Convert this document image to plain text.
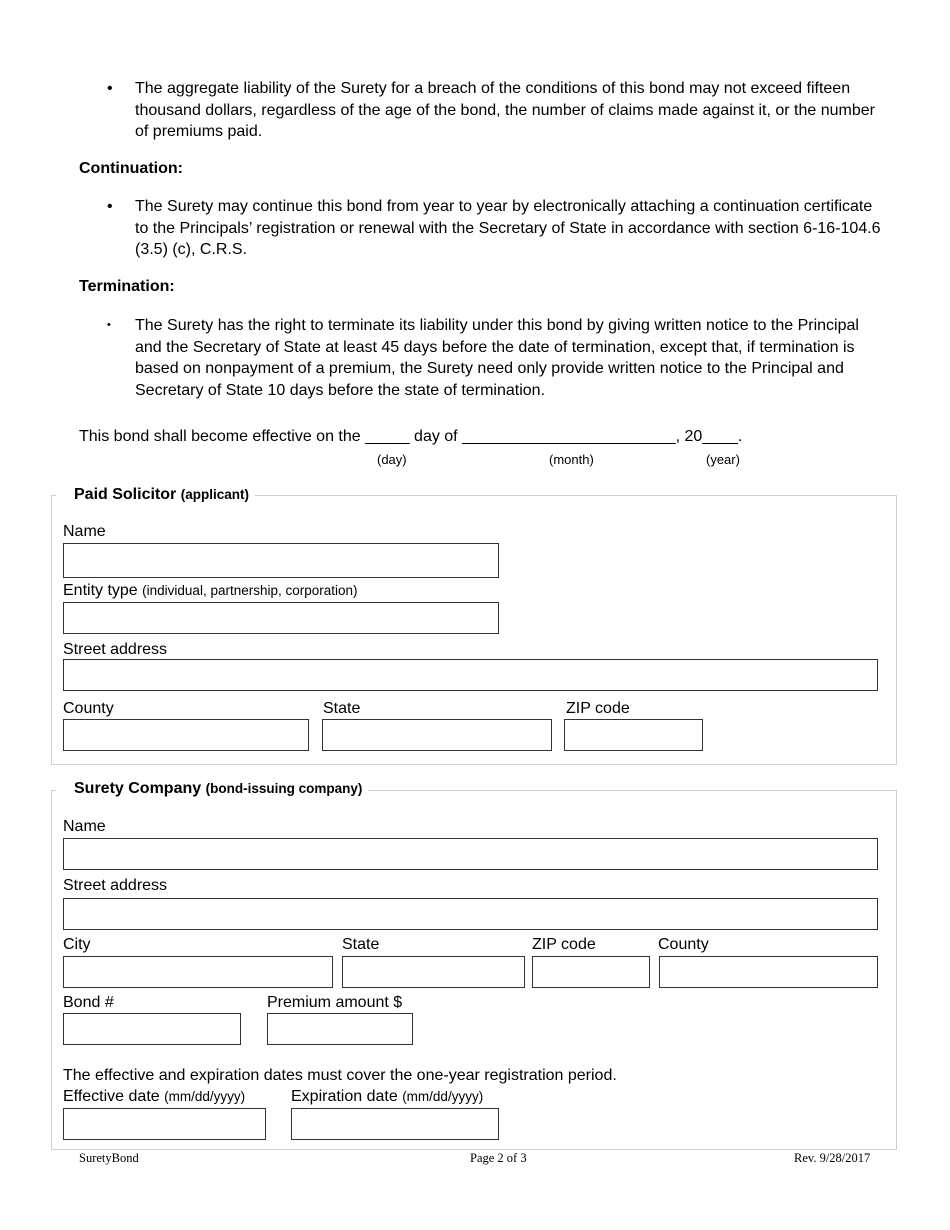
•	The aggregate liability of the Surety for a breach of the conditions of this bond may not exceed fifteen thousand dollars, regardless of the age of the bond, the number of claims made against it, or the number of premiums paid.
Continuation:
•	The Surety may continue this bond from year to year by electronically attaching a continuation certificate to the Principals’ registration or renewal with the Secretary of State in accordance with section 6-16-104.6 (3.5) (c), C.R.S.
Termination:
•	The Surety has the right to terminate its liability under this bond by giving written notice to the Principal and the Secretary of State at least 45 days before the date of termination, except that, if termination is based on nonpayment of a premium, the Surety need only provide written notice to the Principal and Secretary of State 10 days before the state of termination.
This bond shall become effective on the _____ day of ________________________, 20____.
(day)	(month)	(year)
Paid Solicitor (applicant)
Name
Entity type (individual, partnership, corporation)
Street address
County	State	ZIP code
Surety Company (bond-issuing company)
Name
Street address
City	State	ZIP code	County
Bond #	Premium amount $
The effective and expiration dates must cover the one-year registration period.
Effective date (mm/dd/yyyy)	Expiration date (mm/dd/yyyy)
SuretyBond	Page 2 of 3	Rev. 9/28/2017
